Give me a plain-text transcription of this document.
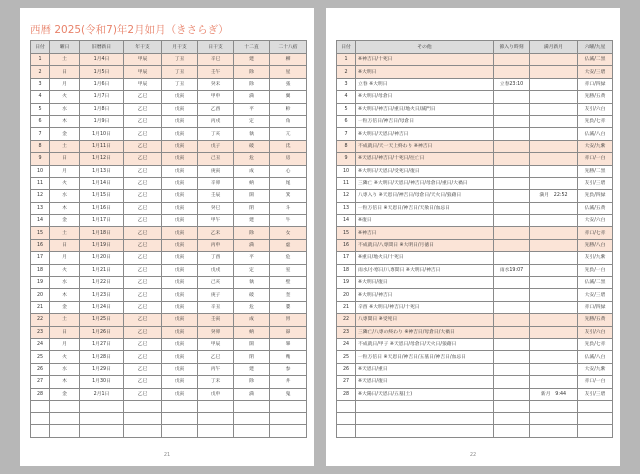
西暦 2025(令和7)年2月如月（きさらぎ）
日付	曜日	旧暦新日	年干支	月干支	日干支	十二直	二十八宿
1	土	1月4日	甲辰	丁丑	辛巳	建	柳
2	日	1月5日	甲辰	丁丑	壬午	除	星
3	月	1月6日	甲辰	丁丑	癸未	除	張
4	火	1月7日	乙巳	戊寅	甲申	満	翼
5	水	1月8日	乙巳	戊寅	乙酉	平	軫
6	木	1月9日	乙巳	戊寅	丙戌	定	角
7	金	1月10日	乙巳	戊寅	丁亥	執	亢
8	土	1月11日	乙巳	戊寅	戊子	破	氐
9	日	1月12日	乙巳	戊寅	己丑	危	房
10	月	1月13日	乙巳	戊寅	庚寅	成	心
11	火	1月14日	乙巳	戊寅	辛卯	納	尾
12	水	1月15日	乙巳	戊寅	壬辰	開	箕
13	木	1月16日	乙巳	戊寅	癸巳	閉	斗
14	金	1月17日	乙巳	戊寅	甲午	建	牛
15	土	1月18日	乙巳	戊寅	乙未	除	女
16	日	1月19日	乙巳	戊寅	丙申	満	虚
17	月	1月20日	乙巳	戊寅	丁酉	平	危
18	火	1月21日	乙巳	戊寅	戊戌	定	室
19	水	1月22日	乙巳	戊寅	己亥	執	壁
20	木	1月23日	乙巳	戊寅	庚子	破	奎
21	金	1月24日	乙巳	戊寅	辛丑	危	婁
22	土	1月25日	乙巳	戊寅	壬寅	成	胃
23	日	1月26日	乙巳	戊寅	癸卯	納	昴
24	月	1月27日	乙巳	戊寅	甲辰	開	畢
25	火	1月28日	乙巳	戊寅	乙巳	閉	觜
26	水	1月29日	乙巳	戊寅	丙午	建	参
27	木	1月30日	乙巳	戊寅	丁未	除	井
28	金	2月1日	乙巳	戊寅	戊申	満	鬼

21
日付	その他	節入り時刻	満月新月	六曜/九星
1	※神吉日/十死日			仏滅/二黒
2	※大明日			大安/三碧
3	立春 ※大明日	立春23:10		赤口/四緑
4	※大明日/母倉日			先勝/五黄
5	※大明日/神吉日/重日/地火日/滅門日			友引/六白
6	一粒万倍日/神吉日/母倉日			先負/七赤
7	※大明日/天恩日/神吉日			仏滅/八白
8	不成就日/天一天上終わり ※神吉日			大安/九紫
9	※天恩日/神吉日/十死日/往亡日			赤口/一白
10	※大明日/天恩日/受死日/復日			先勝/二黒
11	三隣亡 ※大明日/天恩日/神吉日/母倉日/重日/大禍日			友引/三碧
12	八専入り ※天恩日/神吉日/母倉日/天火日/狼藉日		満月　22:52	先負/四緑
13	一粒万倍日 ※天恩日/神吉日/天赦日/血忌日			仏滅/五黄
14	※復日			大安/六白
15	※神吉日			赤口/七赤
16	不成就日/八専間日 ※大明日/月徳日			先勝/八白
17	※重日/地火日/十死日			友引/九紫
18	雨水/小寒日/八専間日 ※大明日/神吉日	雨水19:07		先負/一白
19	※大明日/復日			仏滅/二黒
20	※大明日/神吉日			大安/三碧
21	辛酉 ※大明日/神吉日/十死日			赤口/四緑
22	八専間日 ※受死日			先勝/五黄
23	三隣亡/八専の終わり ※神吉日/母倉日/大禍日			友引/六白
24	不成就日/甲子 ※天恩日/母倉日/天火日/狼藉日			先負/七赤
25	一粒万倍日 ※天恩日/神吉日/五墓日/神吉日/血忌日			仏滅/八白
26	※天恩日/重日			大安/九紫
27	※天恩日/復日			赤口/一白
28	※大陽日/天恩日/五墓(土)		新月　9:44	友引/三碧

22
